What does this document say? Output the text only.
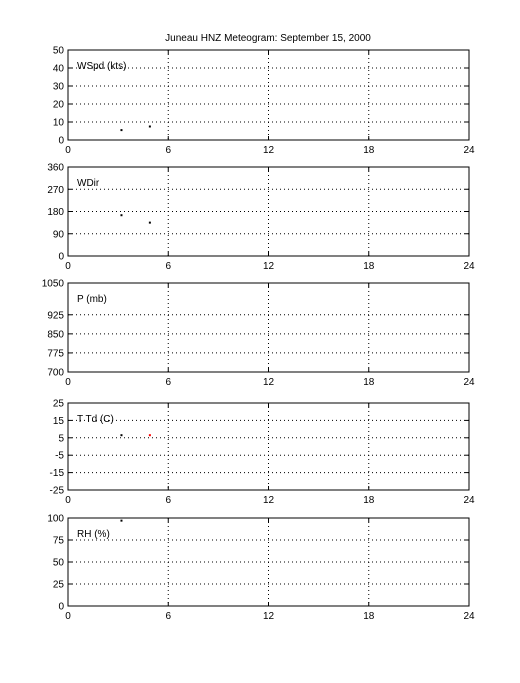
Juneau HNZ Meteogram: September 15, 2000
0	6	12	18	24
0
10
20
30
40
50
WSpd (kts)
0	6	12	18	24
0
90
180
270
360
WDir
0	6	12	18	24
700
775
850
925
1050
P (mb)
0	6	12	18	24
-25
-15
-5
5
15
25
T Td (C)
0	6	12	18	24
0
25
50
75
100
RH (%)
